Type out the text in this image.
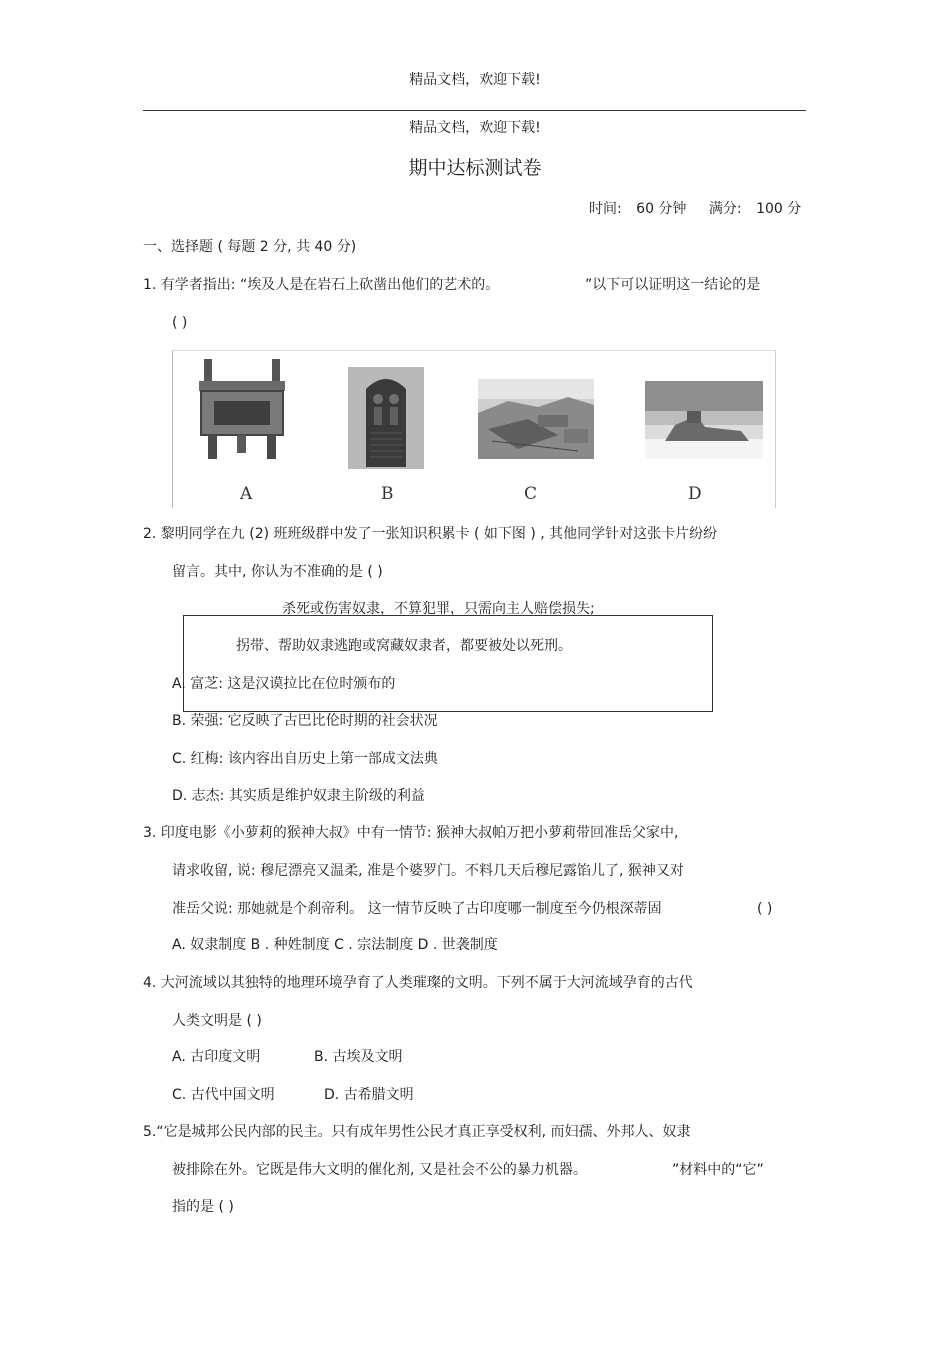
精品文档，欢迎下载!
精品文档，欢迎下载!
期中达标测试卷
时间: 60 分钟 满分: 100 分
一、选择题 ( 每题 2 分, 共 40 分)
1. 有学者指出: “埃及人是在岩石上砍凿出他们的艺术的。	”以下可以证明这一结论的是
( )
A	B	C	D
2. 黎明同学在九 (2) 班班级群中发了一张知识积累卡 ( 如下图 ) , 其他同学针对这张卡片纷纷
留言。其中, 你认为不准确的是 ( )
杀死或伤害奴隶，不算犯罪，只需向主人赔偿损失;
拐带、帮助奴隶逃跑或窝藏奴隶者，都要被处以死刑。
A. 富芝: 这是汉谟拉比在位时颁布的
B. 荣强: 它反映了古巴比伦时期的社会状况
C. 红梅: 该内容出自历史上第一部成文法典
D. 志杰: 其实质是维护奴隶主阶级的利益
3. 印度电影《小萝莉的猴神大叔》中有一情节: 猴神大叔帕万把小萝莉带回准岳父家中,
请求收留, 说: 穆尼漂亮又温柔, 准是个婆罗门。不料几天后穆尼露馅儿了, 猴神又对
准岳父说: 那她就是个刹帝利。 这一情节反映了古印度哪一制度至今仍根深蒂固	( )
A. 奴隶制度 B . 种姓制度 C . 宗法制度 D . 世袭制度
4. 大河流域以其独特的地理环境孕育了人类璀璨的文明。下列不属于大河流域孕育的古代
人类文明是 ( )
A. 古印度文明	B. 古埃及文明
C. 古代中国文明	D. 古希腊文明
5.“它是城邦公民内部的民主。只有成年男性公民才真正享受权利, 而妇孺、外邦人、奴隶
被排除在外。它既是伟大文明的催化剂, 又是社会不公的暴力机器。	”材料中的“它”
指的是 ( )
